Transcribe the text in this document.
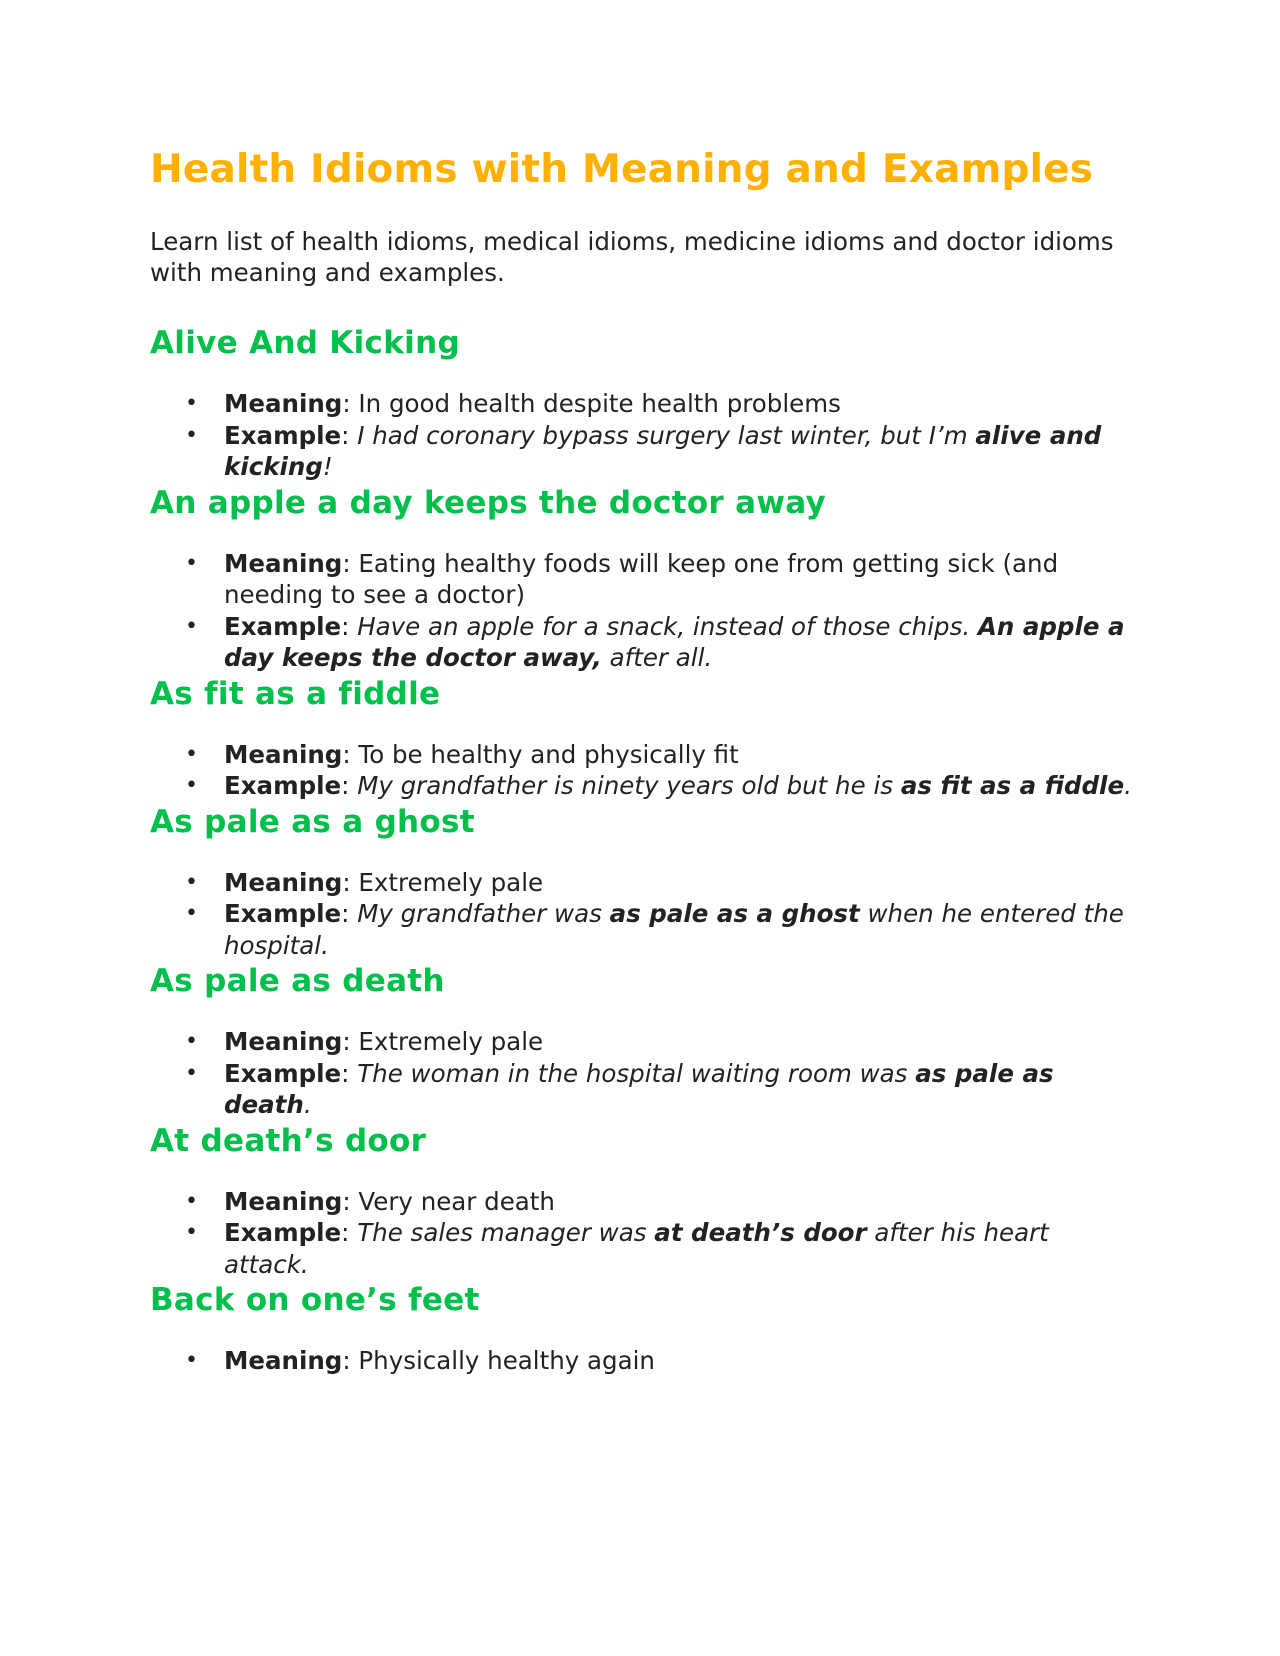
Health Idioms with Meaning and Examples

Learn list of health idioms, medical idioms, medicine idioms and doctor idioms with meaning and examples.

Alive And Kicking
• Meaning: In good health despite health problems
• Example: I had coronary bypass surgery last winter, but I’m alive and kicking!
An apple a day keeps the doctor away
• Meaning: Eating healthy foods will keep one from getting sick (and needing to see a doctor)
• Example: Have an apple for a snack, instead of those chips. An apple a day keeps the doctor away, after all.
As fit as a fiddle
• Meaning: To be healthy and physically fit
• Example: My grandfather is ninety years old but he is as fit as a fiddle.
As pale as a ghost
• Meaning: Extremely pale
• Example: My grandfather was as pale as a ghost when he entered the hospital.
As pale as death
• Meaning: Extremely pale
• Example: The woman in the hospital waiting room was as pale as death.
At death’s door
• Meaning: Very near death
• Example: The sales manager was at death’s door after his heart attack.
Back on one’s feet
• Meaning: Physically healthy again
